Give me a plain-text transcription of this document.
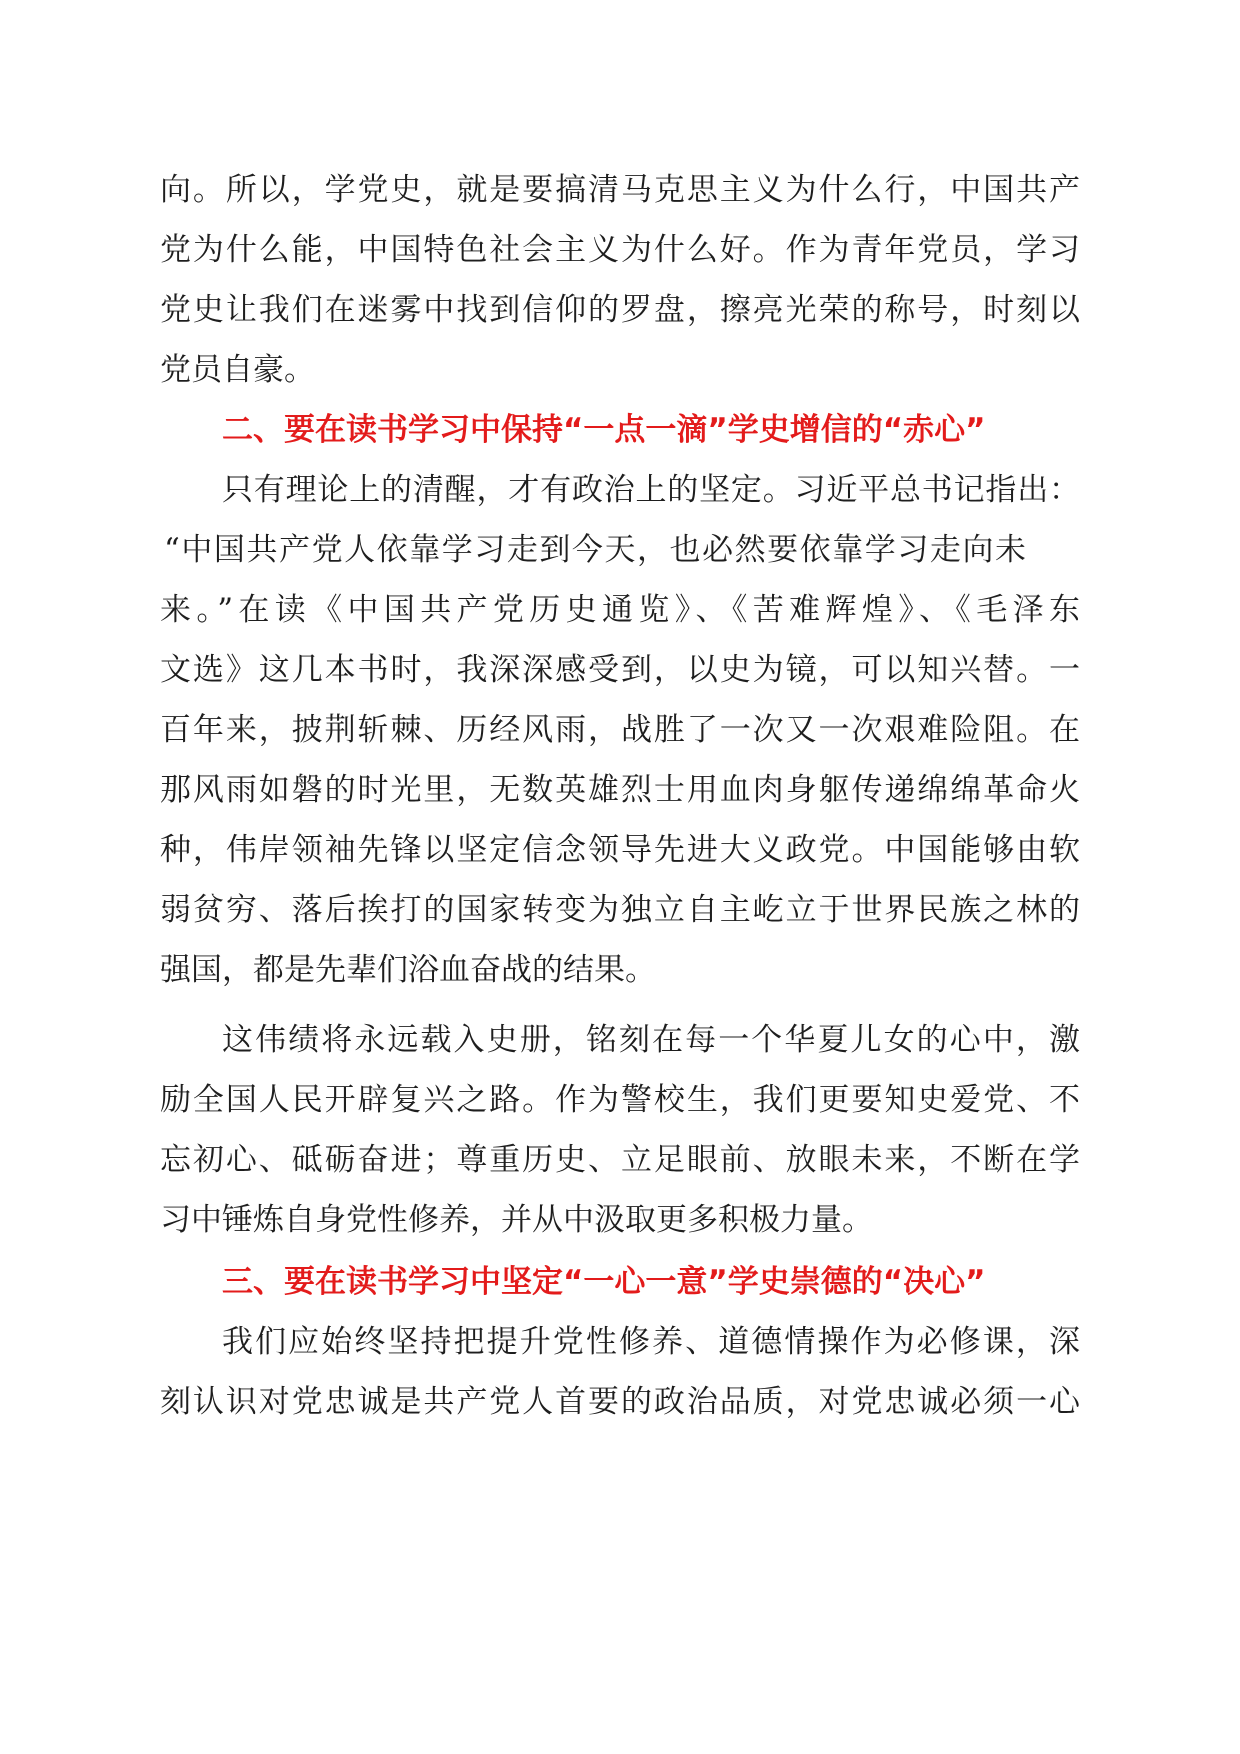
向。所以，学党史，就是要搞清马克思主义为什么行，中国共产

党为什么能，中国特色社会主义为什么好。作为青年党员，学习

党史让我们在迷雾中找到信仰的罗盘，擦亮光荣的称号，时刻以

党员自豪。

二、要在读书学习中保持“一点一滴”学史增信的“赤心”

只有理论上的清醒，才有政治上的坚定。习近平总书记指出：

“中国共产党人依靠学习走到今天，也必然要依靠学习走向未

来。”在读《中国共产党历史通览》、《苦难辉煌》、《毛泽东

文选》这几本书时，我深深感受到，以史为镜，可以知兴替。一

百年来，披荆斩棘、历经风雨，战胜了一次又一次艰难险阻。在

那风雨如磐的时光里，无数英雄烈士用血肉身躯传递绵绵革命火

种，伟岸领袖先锋以坚定信念领导先进大义政党。中国能够由软

弱贫穷、落后挨打的国家转变为独立自主屹立于世界民族之林的

强国，都是先辈们浴血奋战的结果。

这伟绩将永远载入史册，铭刻在每一个华夏儿女的心中，激

励全国人民开辟复兴之路。作为警校生，我们更要知史爱党、不

忘初心、砥砺奋进；尊重历史、立足眼前、放眼未来，不断在学

习中锤炼自身党性修养，并从中汲取更多积极力量。

三、要在读书学习中坚定“一心一意”学史崇德的“决心”

我们应始终坚持把提升党性修养、道德情操作为必修课，深

刻认识对党忠诚是共产党人首要的政治品质，对党忠诚必须一心
